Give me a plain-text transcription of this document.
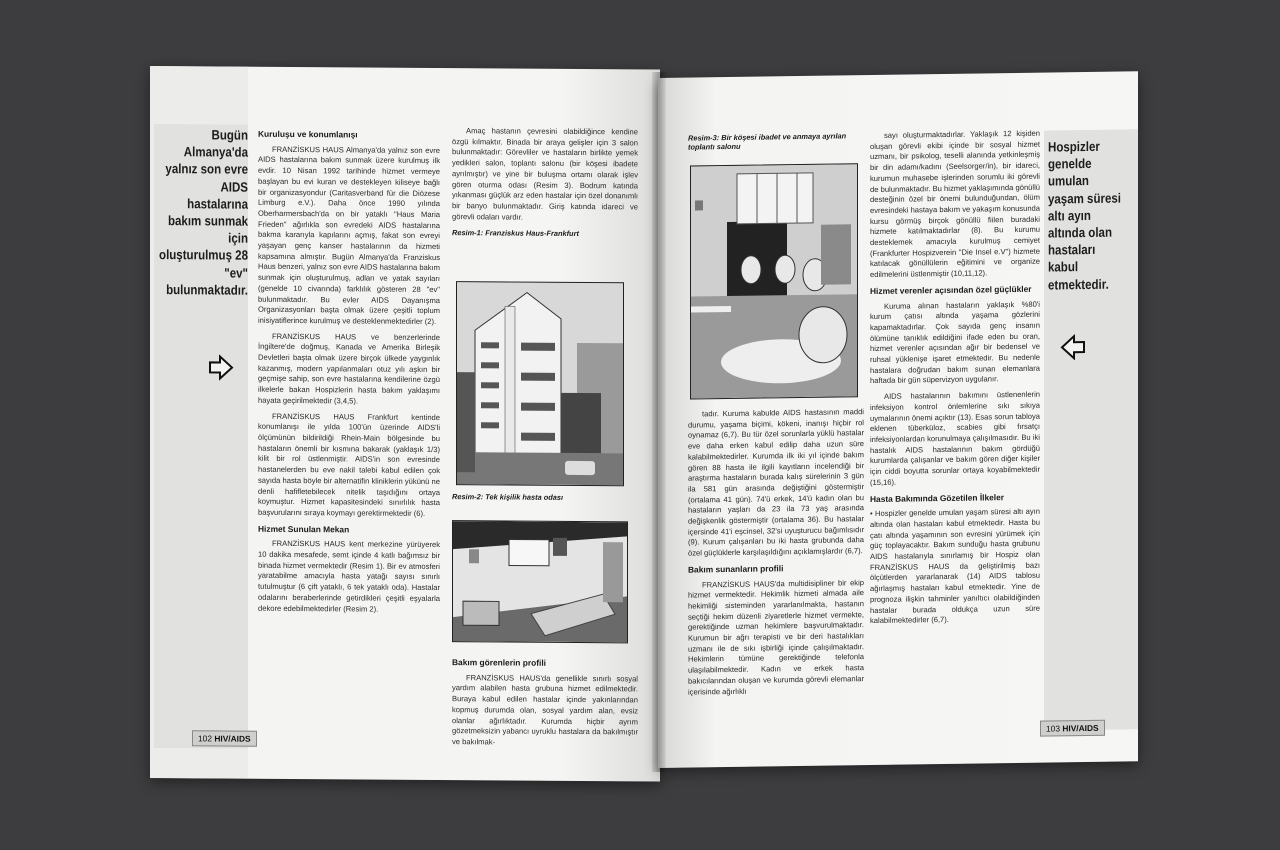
Bugün Almanya'da yalnız son evre AIDS hastalarına bakım sunmak için oluşturulmuş 28 "ev" bulunmaktadır.
Kuruluşu ve konumlanışı

FRANZİSKUS HAUS Almanya'da yalnız son evre AIDS hastalarına bakım sunmak üzere kurulmuş ilk evdir. 10 Nisan 1992 tarihinde hizmet vermeye başlayan bu evi kuran ve destekleyen kiliseye bağlı bir organizasyondur (Caritasverband für die Diözese Limburg e.V.). Daha önce 1990 yılında Oberharmersbach'da on bir yataklı "Haus Maria Frieden" ağırlıkla son evredeki AIDS hastalarına bakma kararıyla kapılarını açmış, fakat son evreyi yaşayan genç kanser hastalarının da hizmeti kapsamına almıştır. Bugün Almanya'da Franziskus Haus benzeri, yalnız son evre AIDS hastalarına bakım sunmak için oluşturulmuş, adları ve yatak sayıları (genelde 10 civarında) farklılık gösteren 28 "ev" bulunmaktadır. Bu evler AIDS Dayanışma Organizasyonları başta olmak üzere çeşitli toplum inisiyatiflerince kurulmuş ve desteklenmektedirler (2).

FRANZİSKUS HAUS ve benzerlerinde İngiltere'de doğmuş, Kanada ve Amerika Birleşik Devletleri başta olmak üzere birçok ülkede yaygınlık kazanmış, modern yapılanmaları otuz yılı aşkın bir geçmişe sahip, son evre hastalarına kendilerine özgü ilkelerle bakan Hospizlerin hasta bakım yaklaşımı hayata geçirilmektedir (3,4,5).

FRANZİSKUS HAUS Frankfurt kentinde konumlanışı ile yılda 100'ün üzerinde AIDS'li ölçümünün bildirildiği Rhein-Main bölgesinde bu hastaların önemli bir kısmına bakarak (yaklaşık 1/3) kilit bir rol üstlenmiştir. AIDS'in son evresinde hastanelerden bu eve nakil talebi kabul edilen çok sayıda hasta böyle bir alternatifin kliniklerin yükünü ne denli hafifletebilecek nitelik taşıdığını ortaya koymuştur. Hizmet kapasitesindeki sınırlılık hasta başvurularını sıraya koymayı gerektirmektedir (6).

Hizmet Sunulan Mekan

FRANZİSKUS HAUS kent merkezine yürüyerek 10 dakika mesafede, semt içinde 4 katlı bağımsız bir binada hizmet vermektedir (Resim 1). Bir ev atmosferi yaratabilme amacıyla hasta yatağı sayısı sınırlı tutulmuştur (6 çift yataklı, 6 tek yataklı oda). Hastalar odalarını beraberlerinde getirdikleri çeşitli eşyalarla dekore edebilmektedirler (Resim 2).

Amaç hastanın çevresini olabildiğince kendine özgü kılmaktır. Binada bir araya gelişler için 3 salon bulunmaktadır: Görevliler ve hastaların birlikte yemek yedikleri salon, toplantı salonu (bir köşesi ibadete ayrılmıştır) ve yine bir buluşma ortamı olarak işlev gören oturma odası (Resim 3). Bodrum katında yıkanması güçlük arz eden hastalar için özel donanımlı bir banyo bulunmaktadır. Giriş katında idareci ve görevli odaları vardır.

Resim-1: Franziskus Haus-Frankfurt
Resim-2: Tek kişilik hasta odası
Bakım görenlerin profili

FRANZİSKUS HAUS'da genellikle sınırlı sosyal yardım alabilen hasta grubuna hizmet edilmektedir. Buraya kabul edilen hastalar içinde yakınlarından kopmuş durumda olan, sosyal yardım alan, evsiz olanlar ağırlıktadır. Kurumda hiçbir ayrım gözetmeksizin yabancı uyruklu hastalara da bakılmıştır ve bakılmak-

102 HIV/AIDS
Hospizler genelde umulan yaşam süresi altı ayın altında olan hastaları kabul etmektedir.
Resim-3: Bir köşesi ibadet ve anmaya ayrılan toplantı salonu

tadır. Kuruma kabulde AIDS hastasının maddi durumu, yaşama biçimi, kökeni, inanışı hiçbir rol oynamaz (6,7). Bu tür özel sorunlarla yüklü hastalar eve daha erken kabul edilip daha uzun süre kalabilmektedirler. Kurumda ilk iki yıl içinde bakım gören 88 hasta ile ilgili kayıtların incelendiği bir araştırma hastaların burada kalış sürelerinin 3 gün ila 581 gün arasında değiştiğini göstermiştir (ortalama 41 gün). 74'ü erkek, 14'ü kadın olan bu hastaların yaşları da 23 ila 73 yaş arasında değişkenlik göstermiştir (ortalama 36). Bu hastalar içersinde 41'i eşcinsel, 32'si uyuşturucu bağımlısıdır (9). Kurum çalışanları bu iki hasta grubunda daha özel güçlüklerle karşılaşıldığını açıklamışlardır (6,7).

Bakım sunanların profili

FRANZİSKUS HAUS'da multidisipliner bir ekip hizmet vermektedir. Hekimlik hizmeti almada aile hekimliği sisteminden yararlanılmakta, hastanın seçtiği hekim düzenli ziyaretlerle hizmet vermekte, gerektiğinde uzman hekimlere başvurulmaktadır. Kurumun bir ağrı terapisti ve bir deri hastalıkları uzmanı ile de sıkı işbirliği içinde çalışılmaktadır. Hekimlerin tümüne gerektiğinde telefonla ulaşılabilmektedir. Kadın ve erkek hasta bakıcılarından oluşan ve kurumda görevli elemanlar içerisinde ağırlıklı

sayı oluşturmaktadırlar. Yaklaşık 12 kişiden oluşan görevli ekibi içinde bir sosyal hizmet uzmanı, bir psikolog, teselli alanında yetkinleşmiş bir din adamı/kadını (Seelsorger/in), bir idareci, kurumun muhasebe işlerinden sorumlu iki görevli de bulunmaktadır. Bu hizmet yaklaşımında gönüllü desteğinin özel bir önemi bulunduğundan, ölüm evresindeki hastaya bakım ve yakaşım konusunda kursu görmüş birçok gönüllü fiilen buradaki hizmete katılmaktadırlar (8). Bu kurumu desteklemek amacıyla kurulmuş cemiyet (Frankfurter Hospizverein "Die Insel e.V") hizmete katılacak gönüllülerin eğitimini ve organize edilmelerini üstlenmiştir (10,11,12).

Hizmet verenler açısından özel güçlükler

Kuruma alınan hastaların yaklaşık %80'i kurum çatısı altında yaşama gözlerini kapamaktadırlar. Çok sayıda genç insanın ölümüne tanıklık edildiğini ifade eden bu oran, hizmet verenler açısından ağır bir bedensel ve ruhsal yüklenişe işaret etmektedir. Bu nedenle hastalara doğrudan bakım sunan elemanlara haftada bir gün süpervizyon uygulanır.

AIDS hastalarının bakımını üstlenenlerin infeksiyon kontrol önlemlerine sıkı sıkıya uymalarının önemi açıktır (13). Esas sorun tabloya eklenen tüberküloz, scabies gibi fırsatçı infeksiyonlardan korunulmaya çalışılmasıdır. Bu iki hastalık AIDS hastalarının bakım gördüğü kurumlarda çalışanlar ve bakım gören diğer kişiler için ciddi boyutta sorunlar ortaya koyabilmektedir (15,16).

Hasta Bakımında Gözetilen İlkeler

• Hospizler genelde umulan yaşam süresi altı ayın altında olan hastaları kabul etmektedir. Hasta bu çatı altında yaşamının son evresini yürümek için güç toplayacaktır. Bakım sunduğu hasta grubunu AIDS hastalarıyla sınırlamış bir Hospiz olan FRANZİSKUS HAUS da geliştirilmiş bazı ölçütlerden yararlanarak (14) AIDS tablosu ağırlaşmış hastaları kabul etmektedir. Yine de prognoza ilişkin tahminler yanıltıcı olabildiğinden hastalar burada oldukça uzun süre kalabilmektedirler (6,7).

103 HIV/AIDS
